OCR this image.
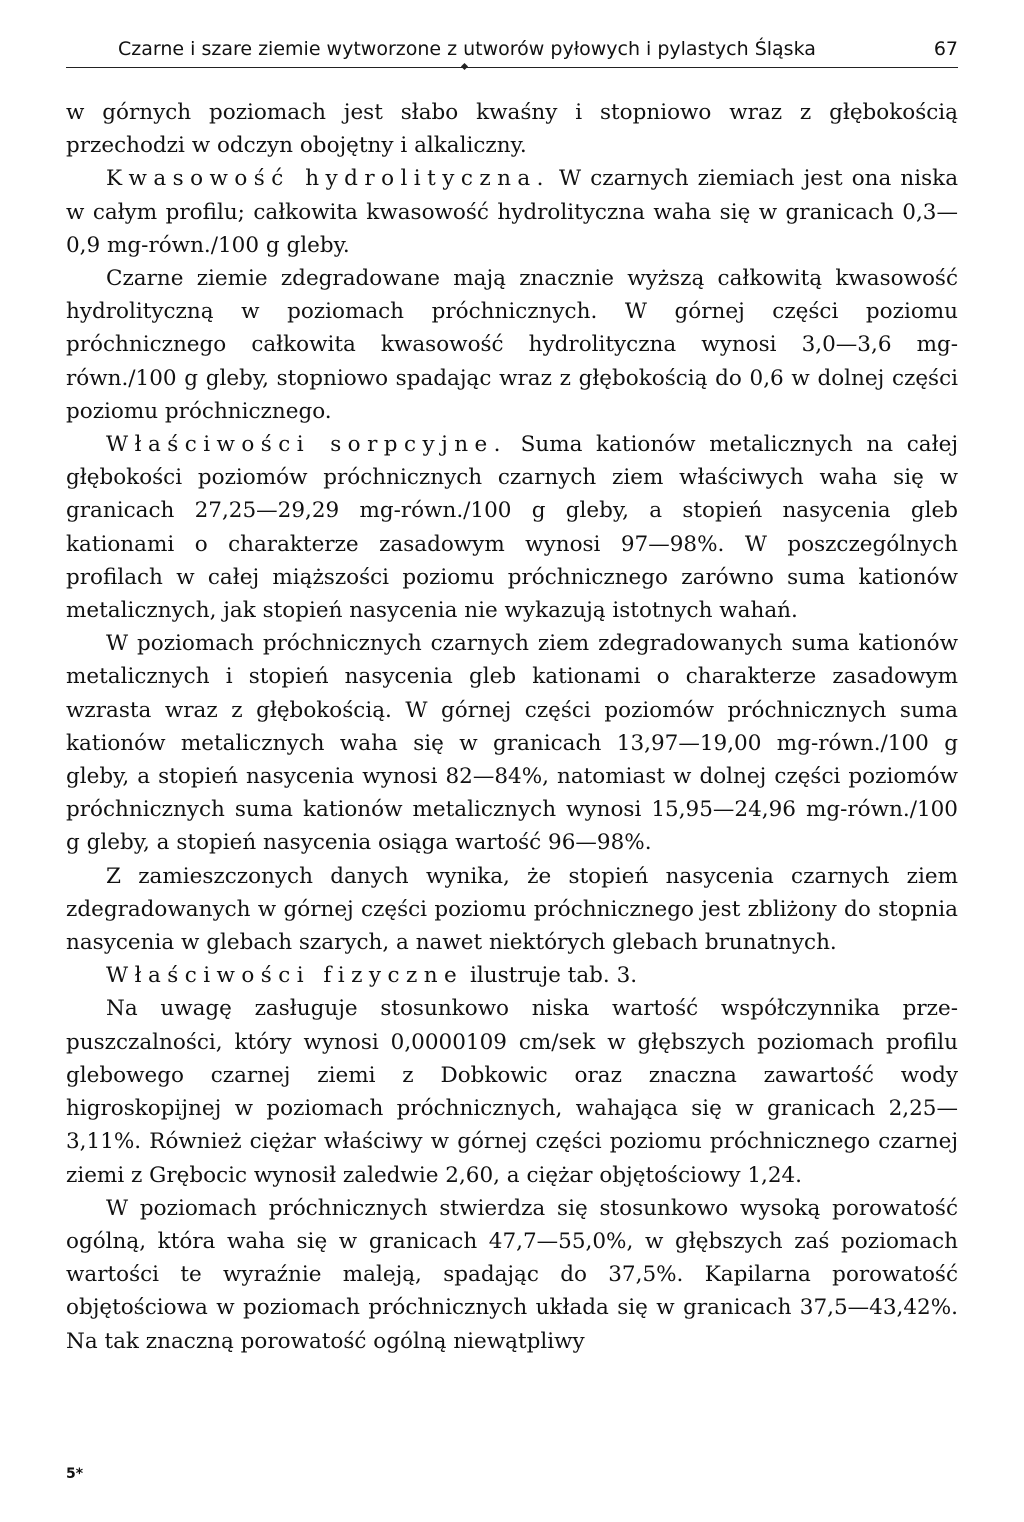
Czarne i szare ziemie wytworzone z utworów pyłowych i pylastych Śląska	67

w górnych poziomach jest słabo kwaśny i stopniowo wraz z głębokością przechodzi w odczyn obojętny i alkaliczny.

Kwasowość hydrolityczna. W czarnych ziemiach jest ona niska w całym profilu; całkowita kwasowość hydrolityczna waha się w granicach 0,3—0,9 mg-równ./100 g gleby.

Czarne ziemie zdegradowane mają znacznie wyższą całkowitą kwasowość hydrolityczną w poziomach próchnicznych. W górnej części poziomu próchnicznego całkowita kwasowość hydrolityczna wynosi 3,0—3,6 mg-równ./100 g gleby, stopniowo spadając wraz z głębokością do 0,6 w dolnej części poziomu próchnicznego.

Właściwości sorpcyjne. Suma kationów metalicznych na całej głębokości poziomów próchnicznych czarnych ziem właściwych waha się w granicach 27,25—29,29 mg-równ./100 g gleby, a stopień nasycenia gleb kationami o charakterze zasadowym wynosi 97—98%. W poszczególnych profilach w całej miąższości poziomu próchnicznego zarówno suma kationów metalicznych, jak stopień nasycenia nie wykazują istotnych wahań.

W poziomach próchnicznych czarnych ziem zdegradowanych suma kationów metalicznych i stopień nasycenia gleb kationami o charakterze zasadowym wzrasta wraz z głębokością. W górnej części poziomów próchnicznych suma kationów metalicznych waha się w granicach 13,97—19,00 mg-równ./100 g gleby, a stopień nasycenia wynosi 82—84%, natomiast w dolnej części poziomów próchnicznych suma kationów metalicznych wynosi 15,95—24,96 mg-równ./100 g gleby, a stopień nasycenia osiąga wartość 96—98%.

Z zamieszczonych danych wynika, że stopień nasycenia czarnych ziem zdegradowanych w górnej części poziomu próchnicznego jest zbliżony do stopnia nasycenia w glebach szarych, a nawet niektórych glebach brunatnych.

Właściwości fizyczne ilustruje tab. 3.

Na uwagę zasługuje stosunkowo niska wartość współczynnika przepuszczalności, który wynosi 0,0000109 cm/sek w głębszych poziomach profilu glebowego czarnej ziemi z Dobkowic oraz znaczna zawartość wody higroskopijnej w poziomach próchnicznych, wahająca się w granicach 2,25—3,11%. Również ciężar właściwy w górnej części poziomu próchnicznego czarnej ziemi z Grębocic wynosił zaledwie 2,60, a ciężar objętościowy 1,24.

W poziomach próchnicznych stwierdza się stosunkowo wysoką porowatość ogólną, która waha się w granicach 47,7—55,0%, w głębszych zaś poziomach wartości te wyraźnie maleją, spadając do 37,5%. Kapilarna porowatość objętościowa w poziomach próchnicznych układa się w granicach 37,5—43,42%. Na tak znaczną porowatość ogólną niewątpliwy

5*
